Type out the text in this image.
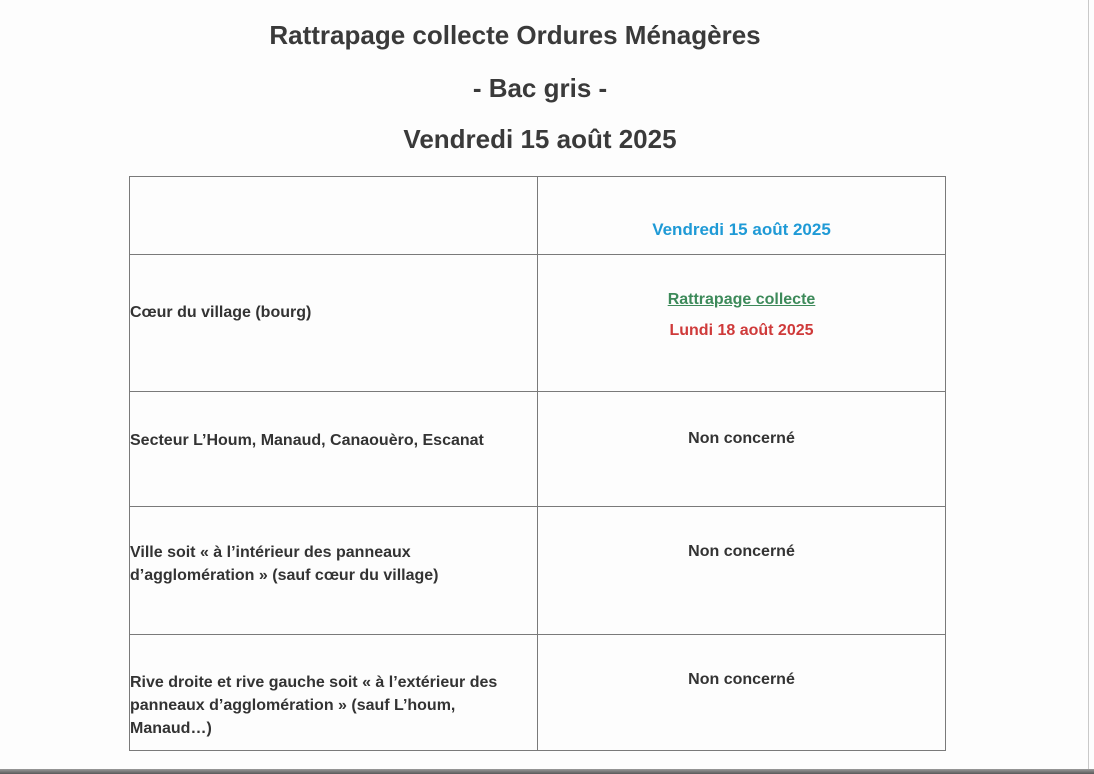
Rattrapage collecte Ordures Ménagères
- Bac gris -
Vendredi 15 août 2025
	Vendredi 15 août 2025
Cœur du village (bourg)	Rattrapage collecte
Lundi 18 août 2025

Secteur L’Houm, Manaud, Canaouèro, Escanat	Non concerné
Ville soit « à l’intérieur des panneaux d’agglomération » (sauf cœur du village)	Non concerné
Rive droite et rive gauche soit « à l’extérieur des panneaux d’agglomération » (sauf L’houm, Manaud…)	Non concerné
